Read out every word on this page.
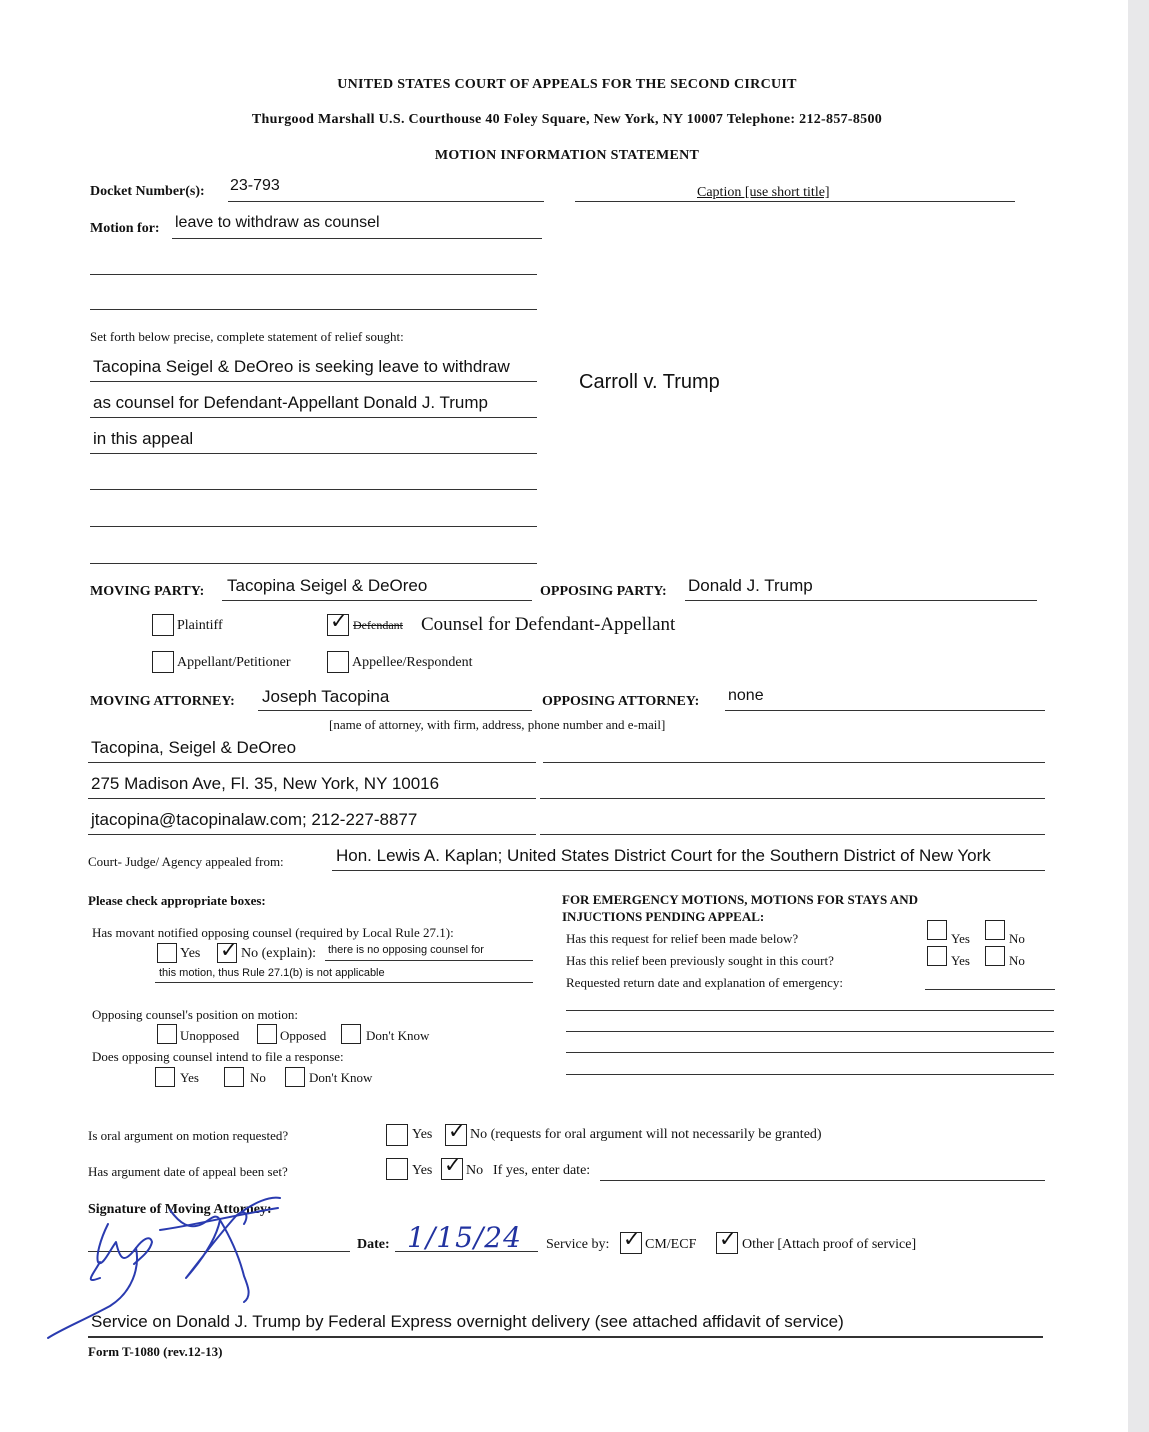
UNITED STATES COURT OF APPEALS FOR THE SECOND CIRCUIT
Thurgood Marshall U.S. Courthouse 40 Foley Square, New York, NY 10007 Telephone: 212-857-8500
MOTION INFORMATION STATEMENT
Docket Number(s): 23-793	Caption [use short title]
Carroll v. Trump
Motion for: leave to withdraw as counsel
Set forth below precise, complete statement of relief sought:
Tacopina Seigel & DeOreo is seeking leave to withdraw
as counsel for Defendant-Appellant Donald J. Trump
in this appeal
MOVING PARTY: Tacopina Seigel & DeOreo	OPPOSING PARTY: Donald J. Trump
Plaintiff	✓ Defendant Counsel for Defendant-Appellant
Appellant/Petitioner	Appellee/Respondent
MOVING ATTORNEY: Joseph Tacopina	OPPOSING ATTORNEY: none
[name of attorney, with firm, address, phone number and e-mail]
Tacopina, Seigel & DeOreo
275 Madison Ave, Fl. 35, New York, NY 10016
jtacopina@tacopinalaw.com; 212-227-8877
Court- Judge/ Agency appealed from:	Hon. Lewis A. Kaplan; United States District Court for the Southern District of New York
Please check appropriate boxes:
Has movant notified opposing counsel (required by Local Rule 27.1):
Yes ✓ No (explain): there is no opposing counsel for
this motion, thus Rule 27.1(b) is not applicable
Opposing counsel's position on motion:
Unopposed	Opposed	Don't Know
Does opposing counsel intend to file a response:
Yes	No	Don't Know
FOR EMERGENCY MOTIONS, MOTIONS FOR STAYS AND
INJUCTIONS PENDING APPEAL:
Has this request for relief been made below?	Yes	No
Has this relief been previously sought in this court?	Yes	No
Requested return date and explanation of emergency:
Is oral argument on motion requested?	Yes ✓ No (requests for oral argument will not necessarily be granted)
Has argument date of appeal been set?	Yes ✓ No If yes, enter date:
Signature of Moving Attorney:
Date: 1/15/24 Service by: ✓ CM/ECF ✓ Other [Attach proof of service]
Service on Donald J. Trump by Federal Express overnight delivery (see attached affidavit of service)
Form T-1080 (rev.12-13)
